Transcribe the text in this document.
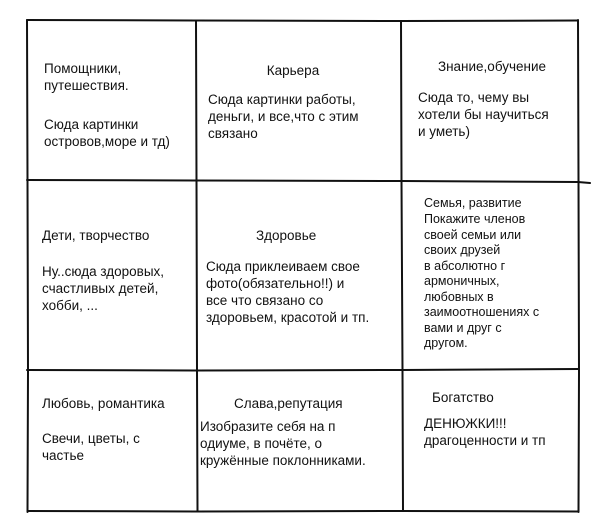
Помощники,
путешествия.
Сюда картинки
островов,море и тд)
Карьера
Сюда картинки работы,
деньги, и все,что с этим
связано
Знание,обучение
Сюда то, чему вы
хотели бы научиться
и уметь)
Дети, творчество
Ну..сюда здоровых,
счастливых детей,
хобби, ...
Здоровье
Сюда приклеиваем свое
фото(обязательно!!) и
все что связано со
здоровьем, красотой и тп.
Семья, развитие
Покажите членов
своей семьи или
своих друзей
в абсолютно г
армоничных,
любовных в
заимоотношениях с
вами и друг с
другом.
Любовь, романтика
Свечи, цветы, с
частье
Слава,репутация
Изобразите себя на п
одиуме, в почёте, о
кружённые поклонниками.
Богатство
ДЕНЮЖКИ!!!
драгоценности и тп
